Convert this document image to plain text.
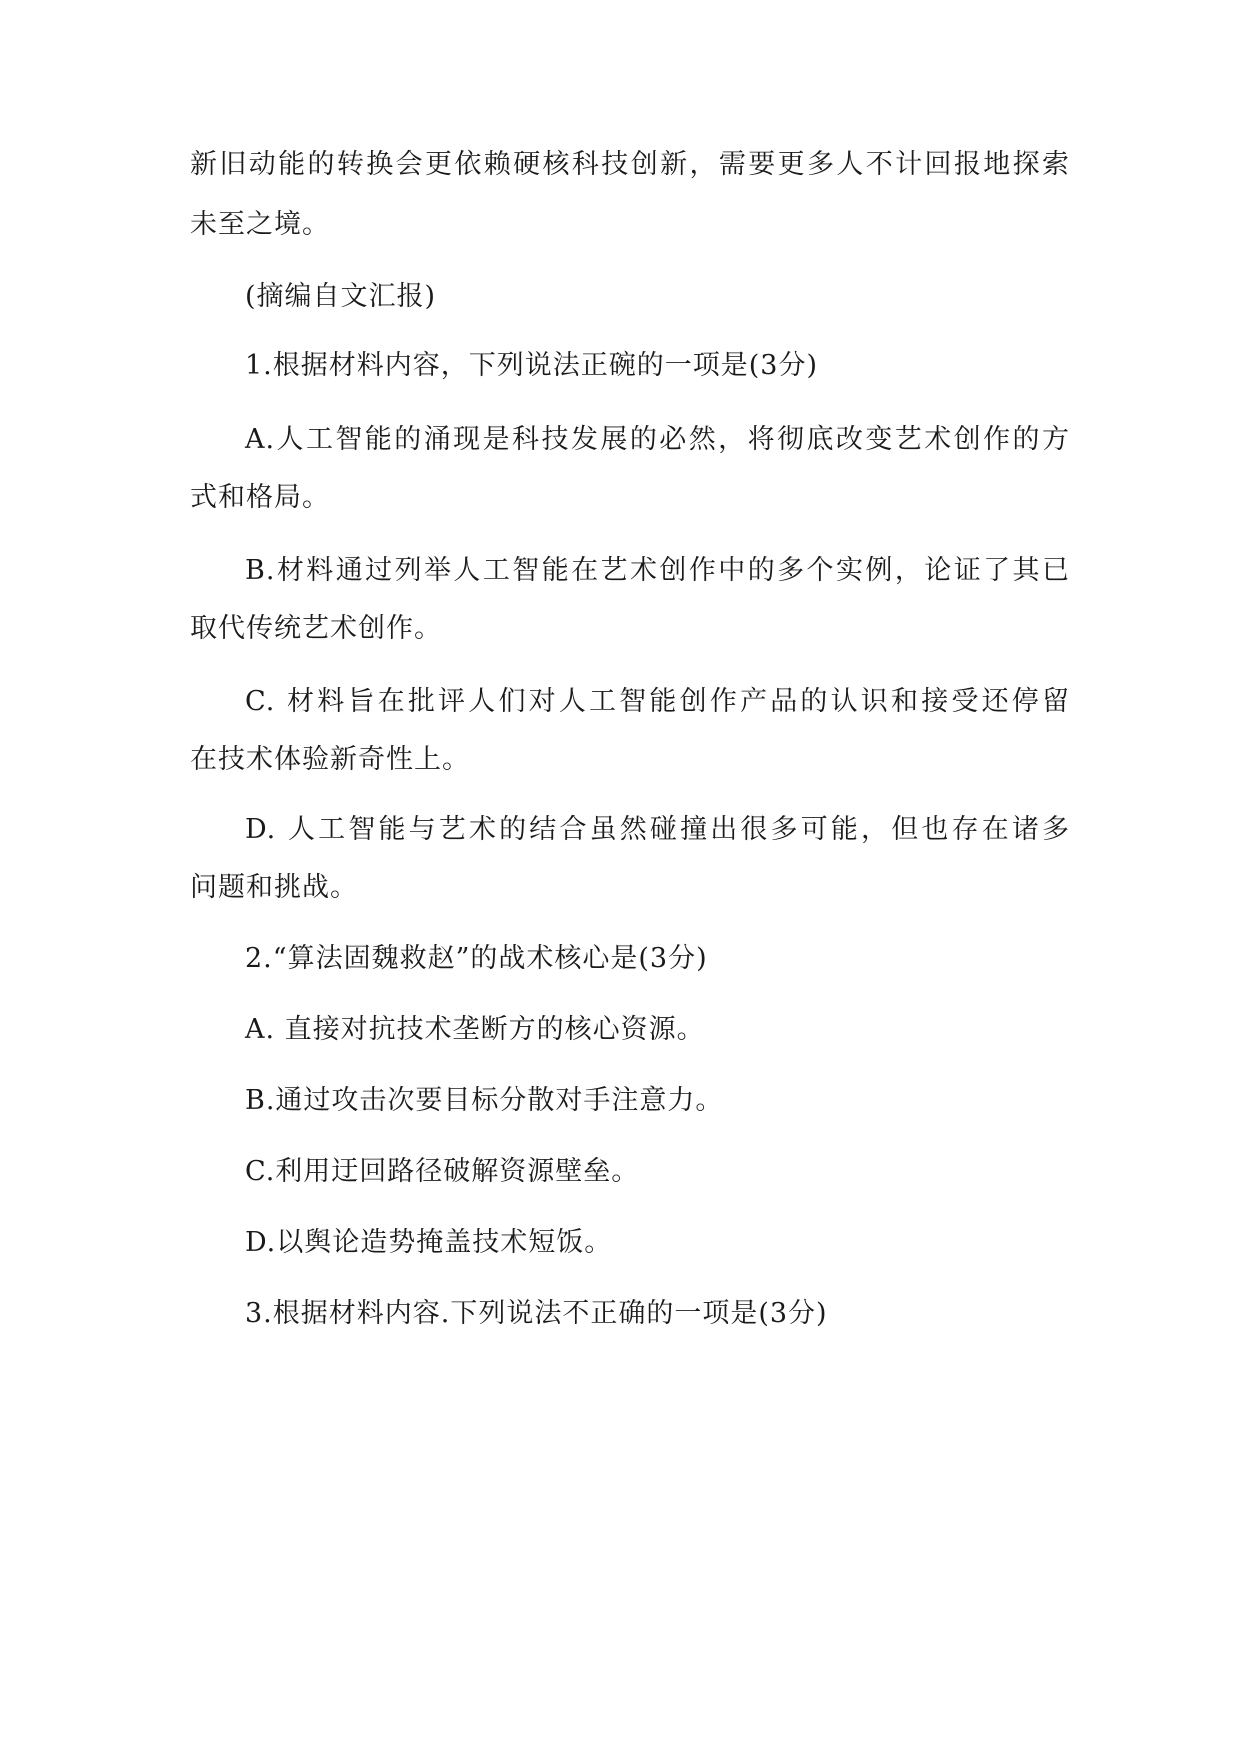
新旧动能的转换会更依赖硬核科技创新，需要更多人不计回报地探索
未至之境。
(摘编自文汇报)
1.根据材料内容，下列说法正碗的一项是(3分)
A.人工智能的涌现是科技发展的必然，将彻底改变艺术创作的方
式和格局。
B.材料通过列举人工智能在艺术创作中的多个实例，论证了其已
取代传统艺术创作。
C. 材料旨在批评人们对人工智能创作产品的认识和接受还停留
在技术体验新奇性上。
D. 人工智能与艺术的结合虽然碰撞出很多可能，但也存在诸多
问题和挑战。
2.“算法固魏救赵”的战术核心是(3分)
A. 直接对抗技术垄断方的核心资源。
B.通过攻击次要目标分散对手注意力。
C.利用迂回路径破解资源壁垒。
D.以舆论造势掩盖技术短饭。
3.根据材料内容.下列说法不正确的一项是(3分)
